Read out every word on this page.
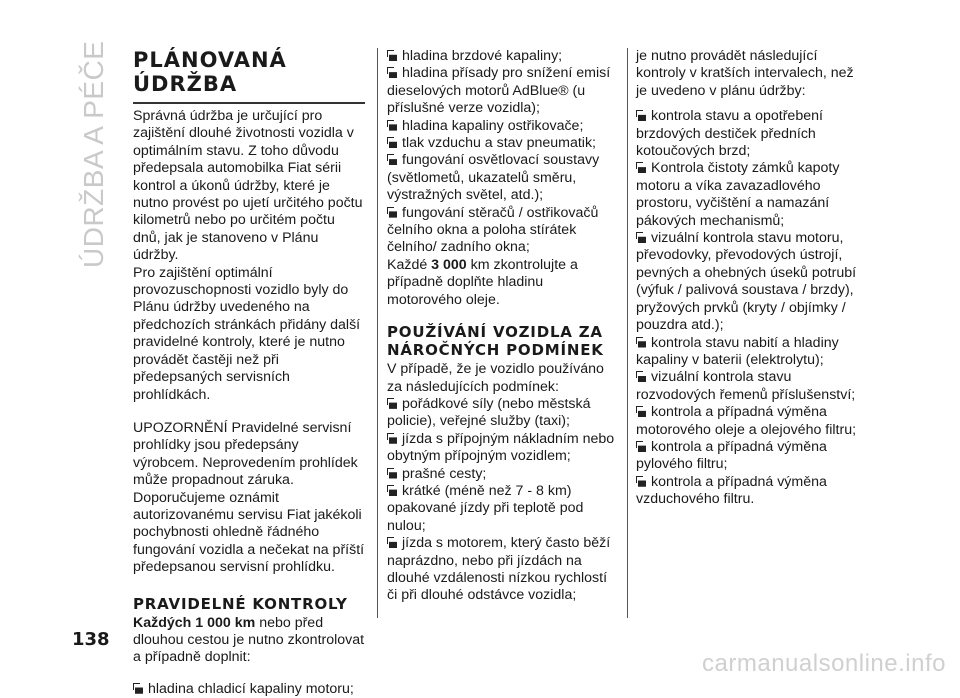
ÚDRŽBA A PÉČE PLÁNOVANÁ
ÚDRŽBA

Správná údržba je určující pro zajištění dlouhé životnosti vozidla v optimálním stavu. Z toho důvodu předepsala automobilka Fiat sérii kontrol a úkonů údržby, které je nutno provést po ujetí určitého počtu kilometrů nebo po určitém počtu dnů, jak je stanoveno v Plánu údržby.

Pro zajištění optimální provozuschopnosti vozidlo byly do Plánu údržby uvedeného na předchozích stránkách přidány další pravidelné kontroly, které je nutno provádět častěji než při předepsaných servisních prohlídkách.

UPOZORNĚNÍ Pravidelné servisní prohlídky jsou předepsány výrobcem. Neprovedením prohlídek může propadnout záruka. Doporučujeme oznámit autorizovanému servisu Fiat jakékoli pochybnosti ohledně řádného fungování vozidla a nečekat na příští předepsanou servisní prohlídku.

PRAVIDELNÉ KONTROLY

Každých 1 000 km nebo před dlouhou cestou je nutno zkontrolovat a případně doplnit:

hladina chladicí kapaliny motoru;

hladina brzdové kapaliny;

hladina přísady pro snížení emisí dieselových motorů AdBlue® (u příslušné verze vozidla);

hladina kapaliny ostřikovače;

tlak vzduchu a stav pneumatik;

fungování osvětlovací soustavy (světlometů, ukazatelů směru, výstražných světel, atd.);

fungování stěračů / ostřikovačů čelního okna a poloha stírátek čelního/ zadního okna;

Každé 3 000 km zkontrolujte a případně doplňte hladinu motorového oleje.

POUŽÍVÁNÍ VOZIDLA ZA
NÁROČNÝCH PODMÍNEK

V případě, že je vozidlo používáno za následujících podmínek:

pořádkové síly (nebo městská policie), veřejné služby (taxi);

jízda s přípojným nákladním nebo obytným přípojným vozidlem;

prašné cesty;

krátké (méně než 7 - 8 km) opakované jízdy při teplotě pod nulou;

jízda s motorem, který často běží naprázdno, nebo při jízdách na dlouhé vzdálenosti nízkou rychlostí či při dlouhé odstávce vozidla;

je nutno provádět následující kontroly v kratších intervalech, než je uvedeno v plánu údržby:

kontrola stavu a opotřebení brzdových destiček předních kotoučových brzd;

Kontrola čistoty zámků kapoty motoru a víka zavazadlového prostoru, vyčištění a namazání pákových mechanismů;

vizuální kontrola stavu motoru, převodovky, převodových ústrojí, pevných a ohebných úseků potrubí (výfuk / palivová soustava / brzdy), pryžových prvků (kryty / objímky / pouzdra atd.);

kontrola stavu nabití a hladiny kapaliny v baterii (elektrolytu);

vizuální kontrola stavu rozvodových řemenů příslušenství;

kontrola a případná výměna motorového oleje a olejového filtru;

kontrola a případná výměna pylového filtru;

kontrola a případná výměna vzduchového filtru.

138
carmanualsonline.info
